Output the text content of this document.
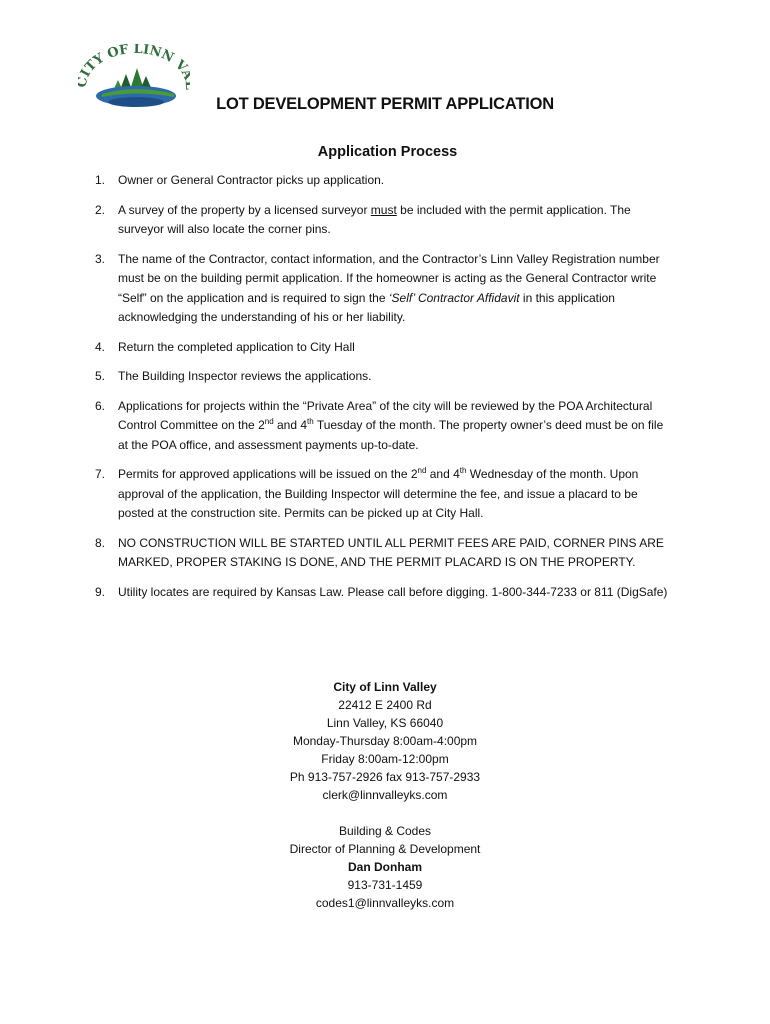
ITY OF LINN V
LOT DEVELOPMENT PERMIT APPLICATION
Application Process
1. Owner or General Contractor picks up application.
2. A survey of the property by a licensed surveyor must be included with the permit application. The surveyor will also locate the corner pins.
3. The name of the Contractor, contact information, and the Contractor’s Linn Valley Registration number must be on the building permit application. If the homeowner is acting as the General Contractor write “Self” on the application and is required to sign the ‘Self’ Contractor Affidavit in this application acknowledging the understanding of his or her liability.
4. Return the completed application to City Hall
5. The Building Inspector reviews the applications.
6. Applications for projects within the “Private Area” of the city will be reviewed by the POA Architectural Control Committee on the 2nd and 4th Tuesday of the month. The property owner’s deed must be on file at the POA office, and assessment payments up-to-date.
7. Permits for approved applications will be issued on the 2nd and 4th Wednesday of the month. Upon approval of the application, the Building Inspector will determine the fee, and issue a placard to be posted at the construction site. Permits can be picked up at City Hall.
8. NO CONSTRUCTION WILL BE STARTED UNTIL ALL PERMIT FEES ARE PAID, CORNER PINS ARE MARKED, PROPER STAKING IS DONE, AND THE PERMIT PLACARD IS ON THE PROPERTY.
9. Utility locates are required by Kansas Law. Please call before digging. 1-800-344-7233 or 811 (DigSafe)
City of Linn Valley
22412 E 2400 Rd
Linn Valley, KS 66040
Monday-Thursday 8:00am-4:00pm
Friday 8:00am-12:00pm
Ph 913-757-2926 fax 913-757-2933
clerk@linnvalleyks.com
Building & Codes
Director of Planning & Development
Dan Donham
913-731-1459
codes1@linnvalleyks.com
